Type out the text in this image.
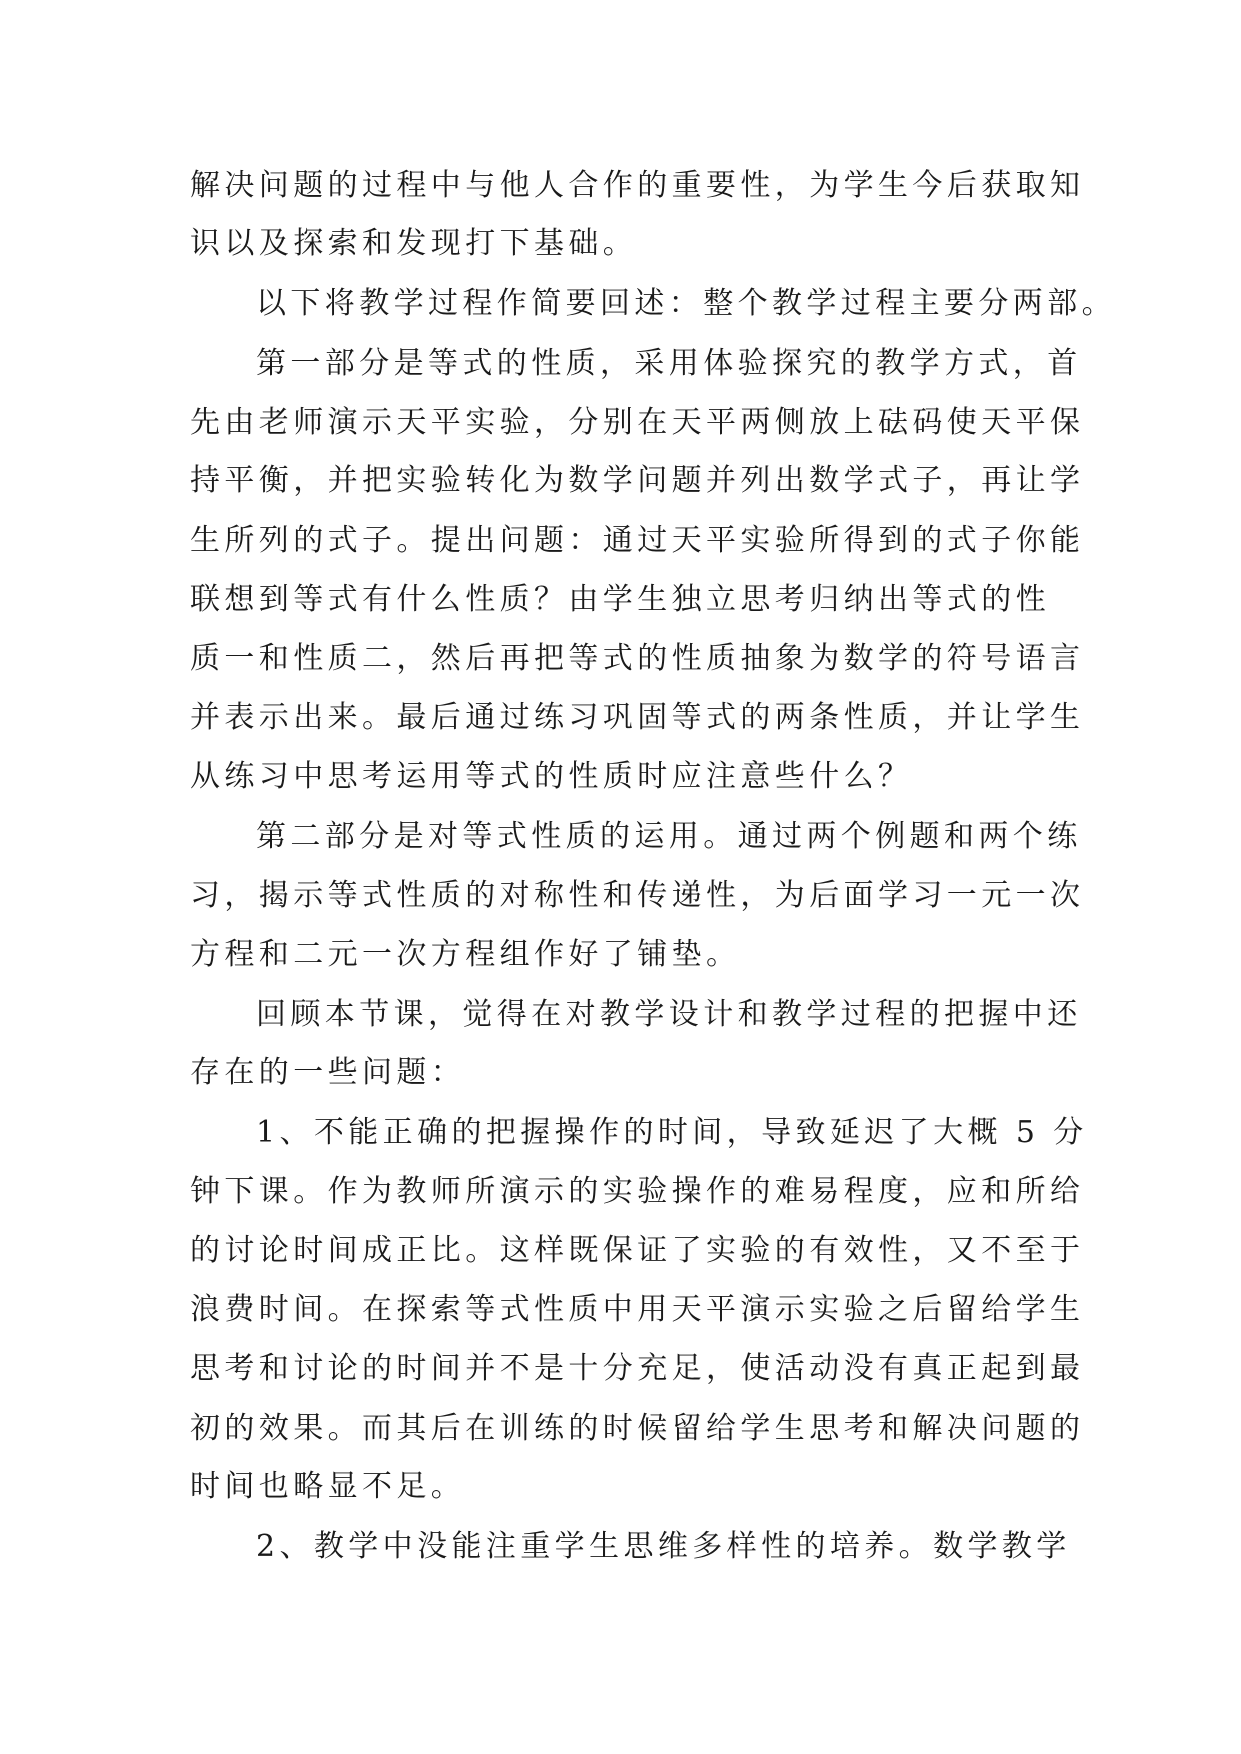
解决问题的过程中与他人合作的重要性，为学生今后获取知
识以及探索和发现打下基础。
以下将教学过程作简要回述：整个教学过程主要分两部。
第一部分是等式的性质，采用体验探究的教学方式，首
先由老师演示天平实验，分别在天平两侧放上砝码使天平保
持平衡，并把实验转化为数学问题并列出数学式子，再让学
生所列的式子。提出问题：通过天平实验所得到的式子你能
联想到等式有什么性质？由学生独立思考归纳出等式的性
质一和性质二，然后再把等式的性质抽象为数学的符号语言
并表示出来。最后通过练习巩固等式的两条性质，并让学生
从练习中思考运用等式的性质时应注意些什么？
第二部分是对等式性质的运用。通过两个例题和两个练
习，揭示等式性质的对称性和传递性，为后面学习一元一次
方程和二元一次方程组作好了铺垫。
回顾本节课，觉得在对教学设计和教学过程的把握中还
存在的一些问题：
1、不能正确的把握操作的时间，导致延迟了大概 5 分
钟下课。作为教师所演示的实验操作的难易程度，应和所给
的讨论时间成正比。这样既保证了实验的有效性，又不至于
浪费时间。在探索等式性质中用天平演示实验之后留给学生
思考和讨论的时间并不是十分充足，使活动没有真正起到最
初的效果。而其后在训练的时候留给学生思考和解决问题的
时间也略显不足。
2、教学中没能注重学生思维多样性的培养。数学教学
